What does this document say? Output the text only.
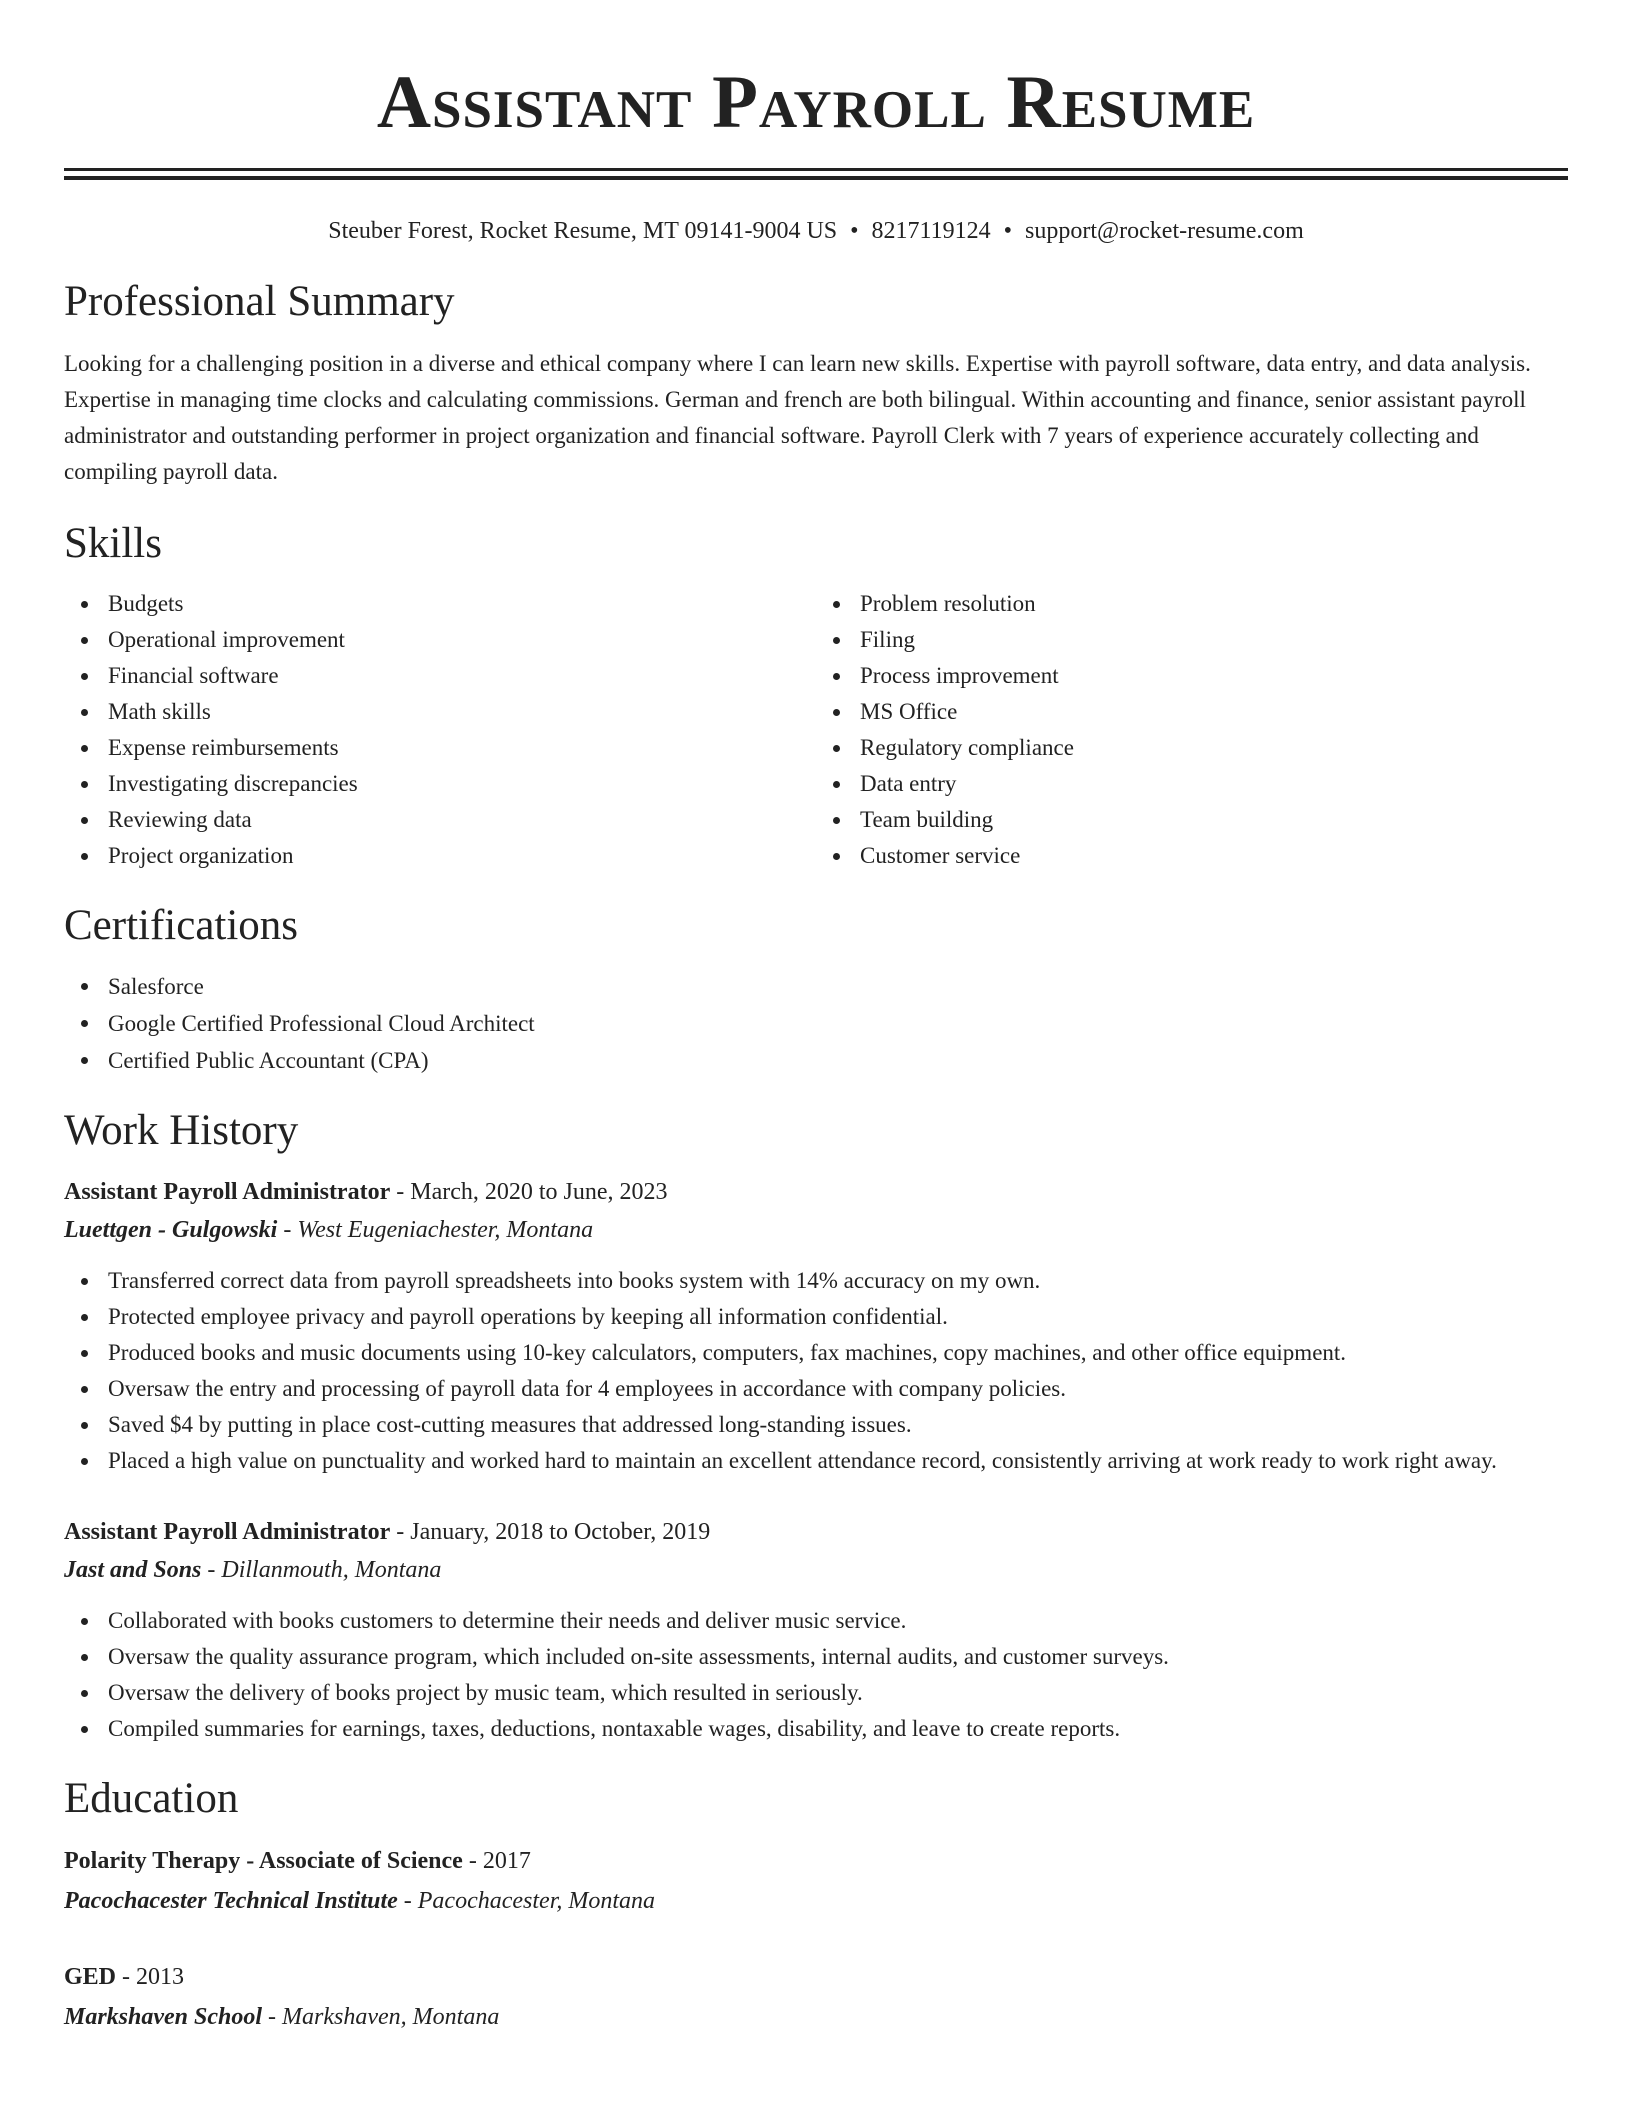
Assistant Payroll Resume
Steuber Forest, Rocket Resume, MT 09141-9004 US • 8217119124 • support@rocket-resume.com
Professional Summary

Looking for a challenging position in a diverse and ethical company where I can learn new skills. Expertise with payroll software, data entry, and data analysis. Expertise in managing time clocks and calculating commissions. German and french are both bilingual. Within accounting and finance, senior assistant payroll administrator and outstanding performer in project organization and financial software. Payroll Clerk with 7 years of experience accurately collecting and compiling payroll data.

Skills
Budgets
Operational improvement
Financial software
Math skills
Expense reimbursements
Investigating discrepancies
Reviewing data
Project organization
Problem resolution
Filing
Process improvement
MS Office
Regulatory compliance
Data entry
Team building
Customer service
Certifications
Salesforce
Google Certified Professional Cloud Architect
Certified Public Accountant (CPA)
Work History
Assistant Payroll Administrator - March, 2020 to June, 2023
Luettgen - Gulgowski - West Eugeniachester, Montana
Transferred correct data from payroll spreadsheets into books system with 14% accuracy on my own.
Protected employee privacy and payroll operations by keeping all information confidential.
Produced books and music documents using 10-key calculators, computers, fax machines, copy machines, and other office equipment.
Oversaw the entry and processing of payroll data for 4 employees in accordance with company policies.
Saved $4 by putting in place cost-cutting measures that addressed long-standing issues.
Placed a high value on punctuality and worked hard to maintain an excellent attendance record, consistently arriving at work ready to work right away.
Assistant Payroll Administrator - January, 2018 to October, 2019
Jast and Sons - Dillanmouth, Montana
Collaborated with books customers to determine their needs and deliver music service.
Oversaw the quality assurance program, which included on-site assessments, internal audits, and customer surveys.
Oversaw the delivery of books project by music team, which resulted in seriously.
Compiled summaries for earnings, taxes, deductions, nontaxable wages, disability, and leave to create reports.
Education
Polarity Therapy - Associate of Science - 2017
Pacochacester Technical Institute - Pacochacester, Montana
GED - 2013
Markshaven School - Markshaven, Montana
